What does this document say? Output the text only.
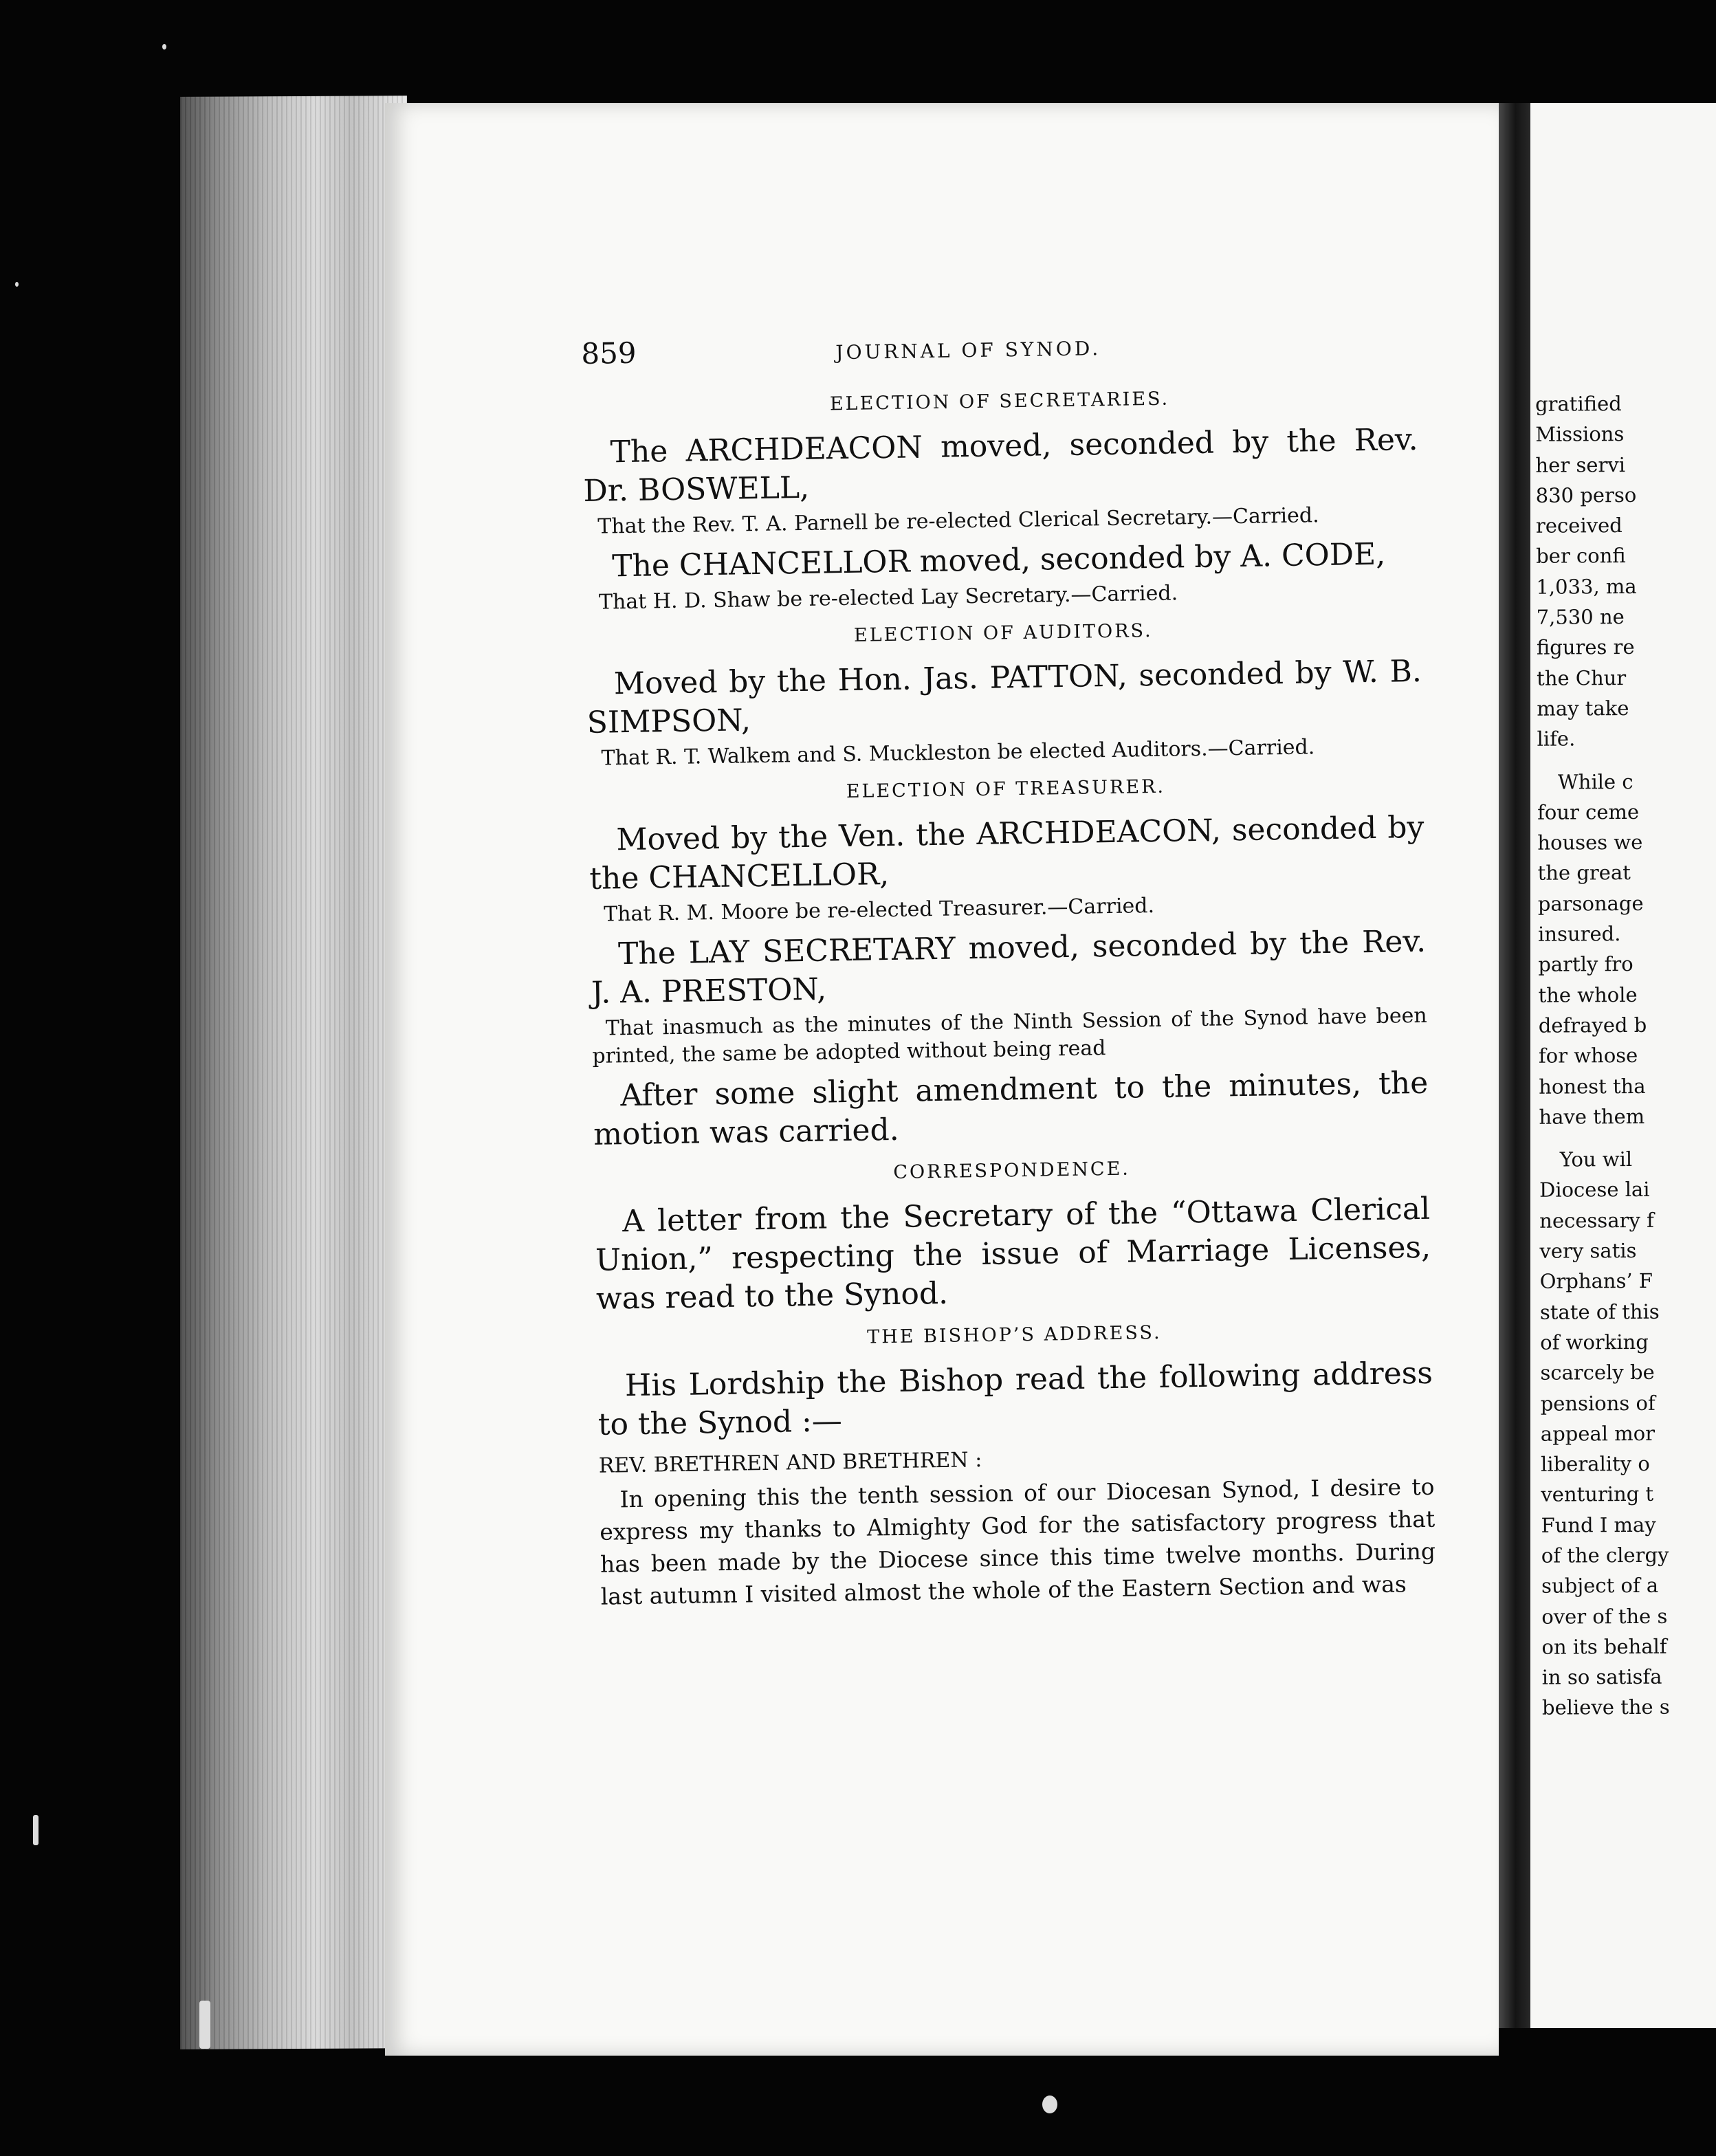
859	JOURNAL OF SYNOD.
ELECTION OF SECRETARIES.

The ARCHDEACON moved, seconded by the Rev. Dr. BOSWELL,

That the Rev. T. A. Parnell be re-elected Clerical Secretary.—Carried.

The CHANCELLOR moved, seconded by A. CODE,

That H. D. Shaw be re-elected Lay Secretary.—Carried.

ELECTION OF AUDITORS.

Moved by the Hon. Jas. PATTON, seconded by W. B. SIMPSON,

That R. T. Walkem and S. Muckleston be elected Auditors.—Carried.

ELECTION OF TREASURER.

Moved by the Ven. the ARCHDEACON, seconded by the CHANCELLOR,

That R. M. Moore be re-elected Treasurer.—Carried.

The LAY SECRETARY moved, seconded by the Rev. J. A. PRESTON,

That inasmuch as the minutes of the Ninth Session of the Synod have been printed, the same be adopted without being read

After some slight amendment to the minutes, the motion was carried.

CORRESPONDENCE.

A letter from the Secretary of the “Ottawa Clerical Union,” respecting the issue of Marriage Licenses, was read to the Synod.

THE BISHOP’S ADDRESS.

His Lordship the Bishop read the following address to the Synod :—

REV. BRETHREN AND BRETHREN :

In opening this the tenth session of our Diocesan Synod, I desire to express my thanks to Almighty God for the satisfactory progress that has been made by the Diocese since this time twelve months. During last autumn I visited almost the whole of the Eastern Section and was

gratified
Missions
her servi
830 perso
received
ber confi
1,033, ma
7,530 ne
figures re
the Chur
may take
life.
While c
four ceme
houses we
the great
parsonage
insured.
partly fro
the whole
defrayed b
for whose
honest tha
have them
You wil
Diocese lai
necessary f
very satis
Orphans’ F
state of this
of working
scarcely be
pensions of
appeal mor
liberality o
venturing t
Fund I may
of the clergy
subject of a
over of the s
on its behalf
in so satisfa
believe the s
